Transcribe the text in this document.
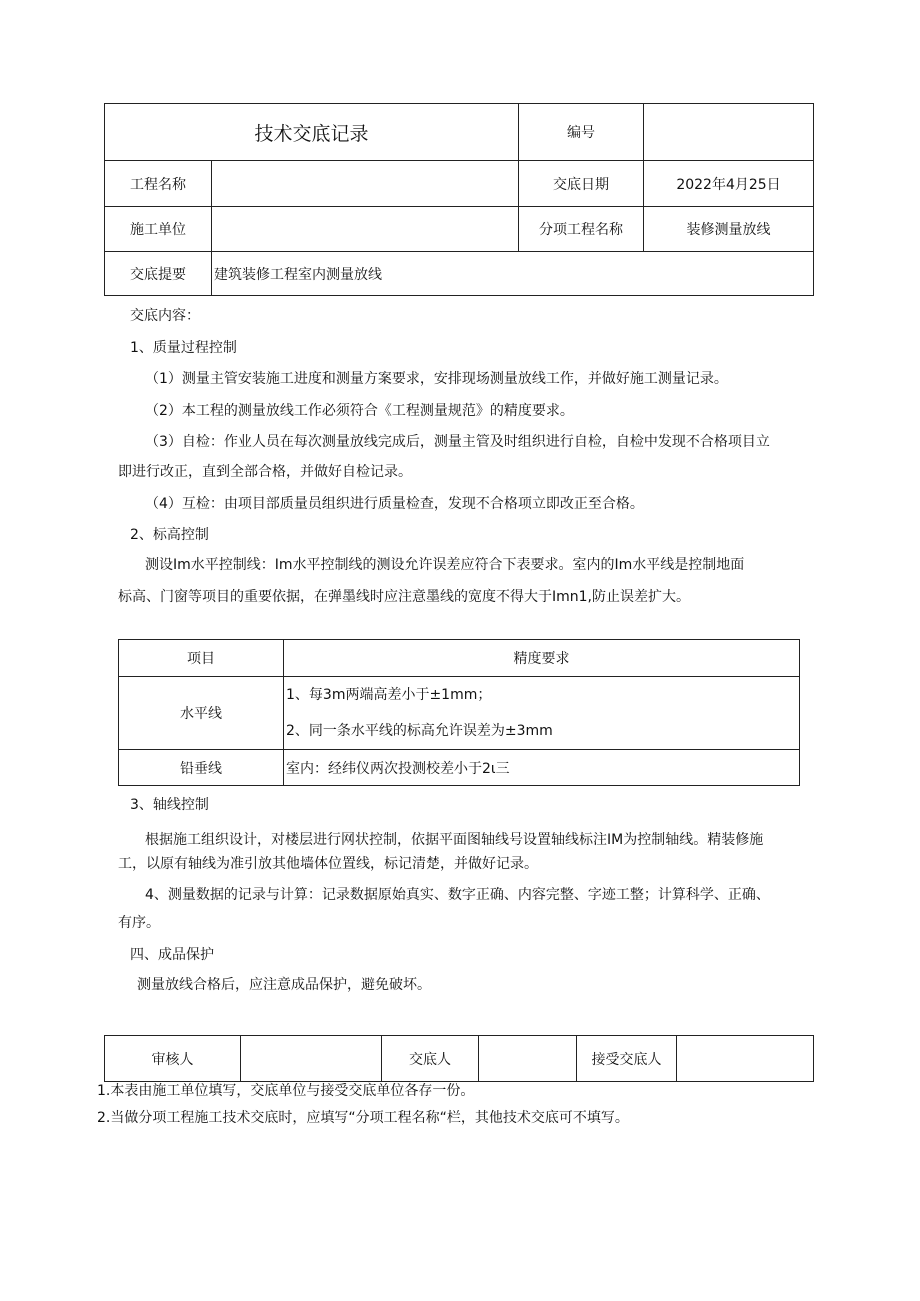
技术交底记录		编号	
工程名称		交底日期	2022年4月25日
施工单位		分项工程名称	装修测量放线
交底提要	建筑装修工程室内测量放线		

交底内容：

1、质量过程控制

（1）测量主管安装施工进度和测量方案要求，安排现场测量放线工作，并做好施工测量记录。

（2）本工程的测量放线工作必须符合《工程测量规范》的精度要求。

（3）自检：作业人员在每次测量放线完成后，测量主管及时组织进行自检，自检中发现不合格项目立

即进行改正，直到全部合格，并做好自检记录。

（4）互检：由项目部质量员组织进行质量检查，发现不合格项立即改正至合格。

2、标高控制

测设Im水平控制线：Im水平控制线的测设允许误差应符合下表要求。室内的Im水平线是控制地面

标高、门窗等项目的重要依据，在弹墨线时应注意墨线的宽度不得大于Imn1,防止误差扩大。

项目	精度要求
水平线	1、每3m两端高差小于±1mm；
2、同一条水平线的标高允许误差为±3mm

铅垂线	室内：经纬仪两次投测校差小于2ι三

3、轴线控制

根据施工组织设计，对楼层进行网状控制，依据平面图轴线号设置轴线标注IM为控制轴线。精装修施

工，以原有轴线为准引放其他墙体位置线，标记清楚，并做好记录。

4、测量数据的记录与计算：记录数据原始真实、数字正确、内容完整、字迹工整；计算科学、正确、

有序。

四、成品保护

测量放线合格后，应注意成品保护，避免破坏。

审核人		交底人		接受交底人	

1.本表由施工单位填写，交底单位与接受交底单位各存一份。

2.当做分项工程施工技术交底时，应填写“分项工程名称“栏，其他技术交底可不填写。
